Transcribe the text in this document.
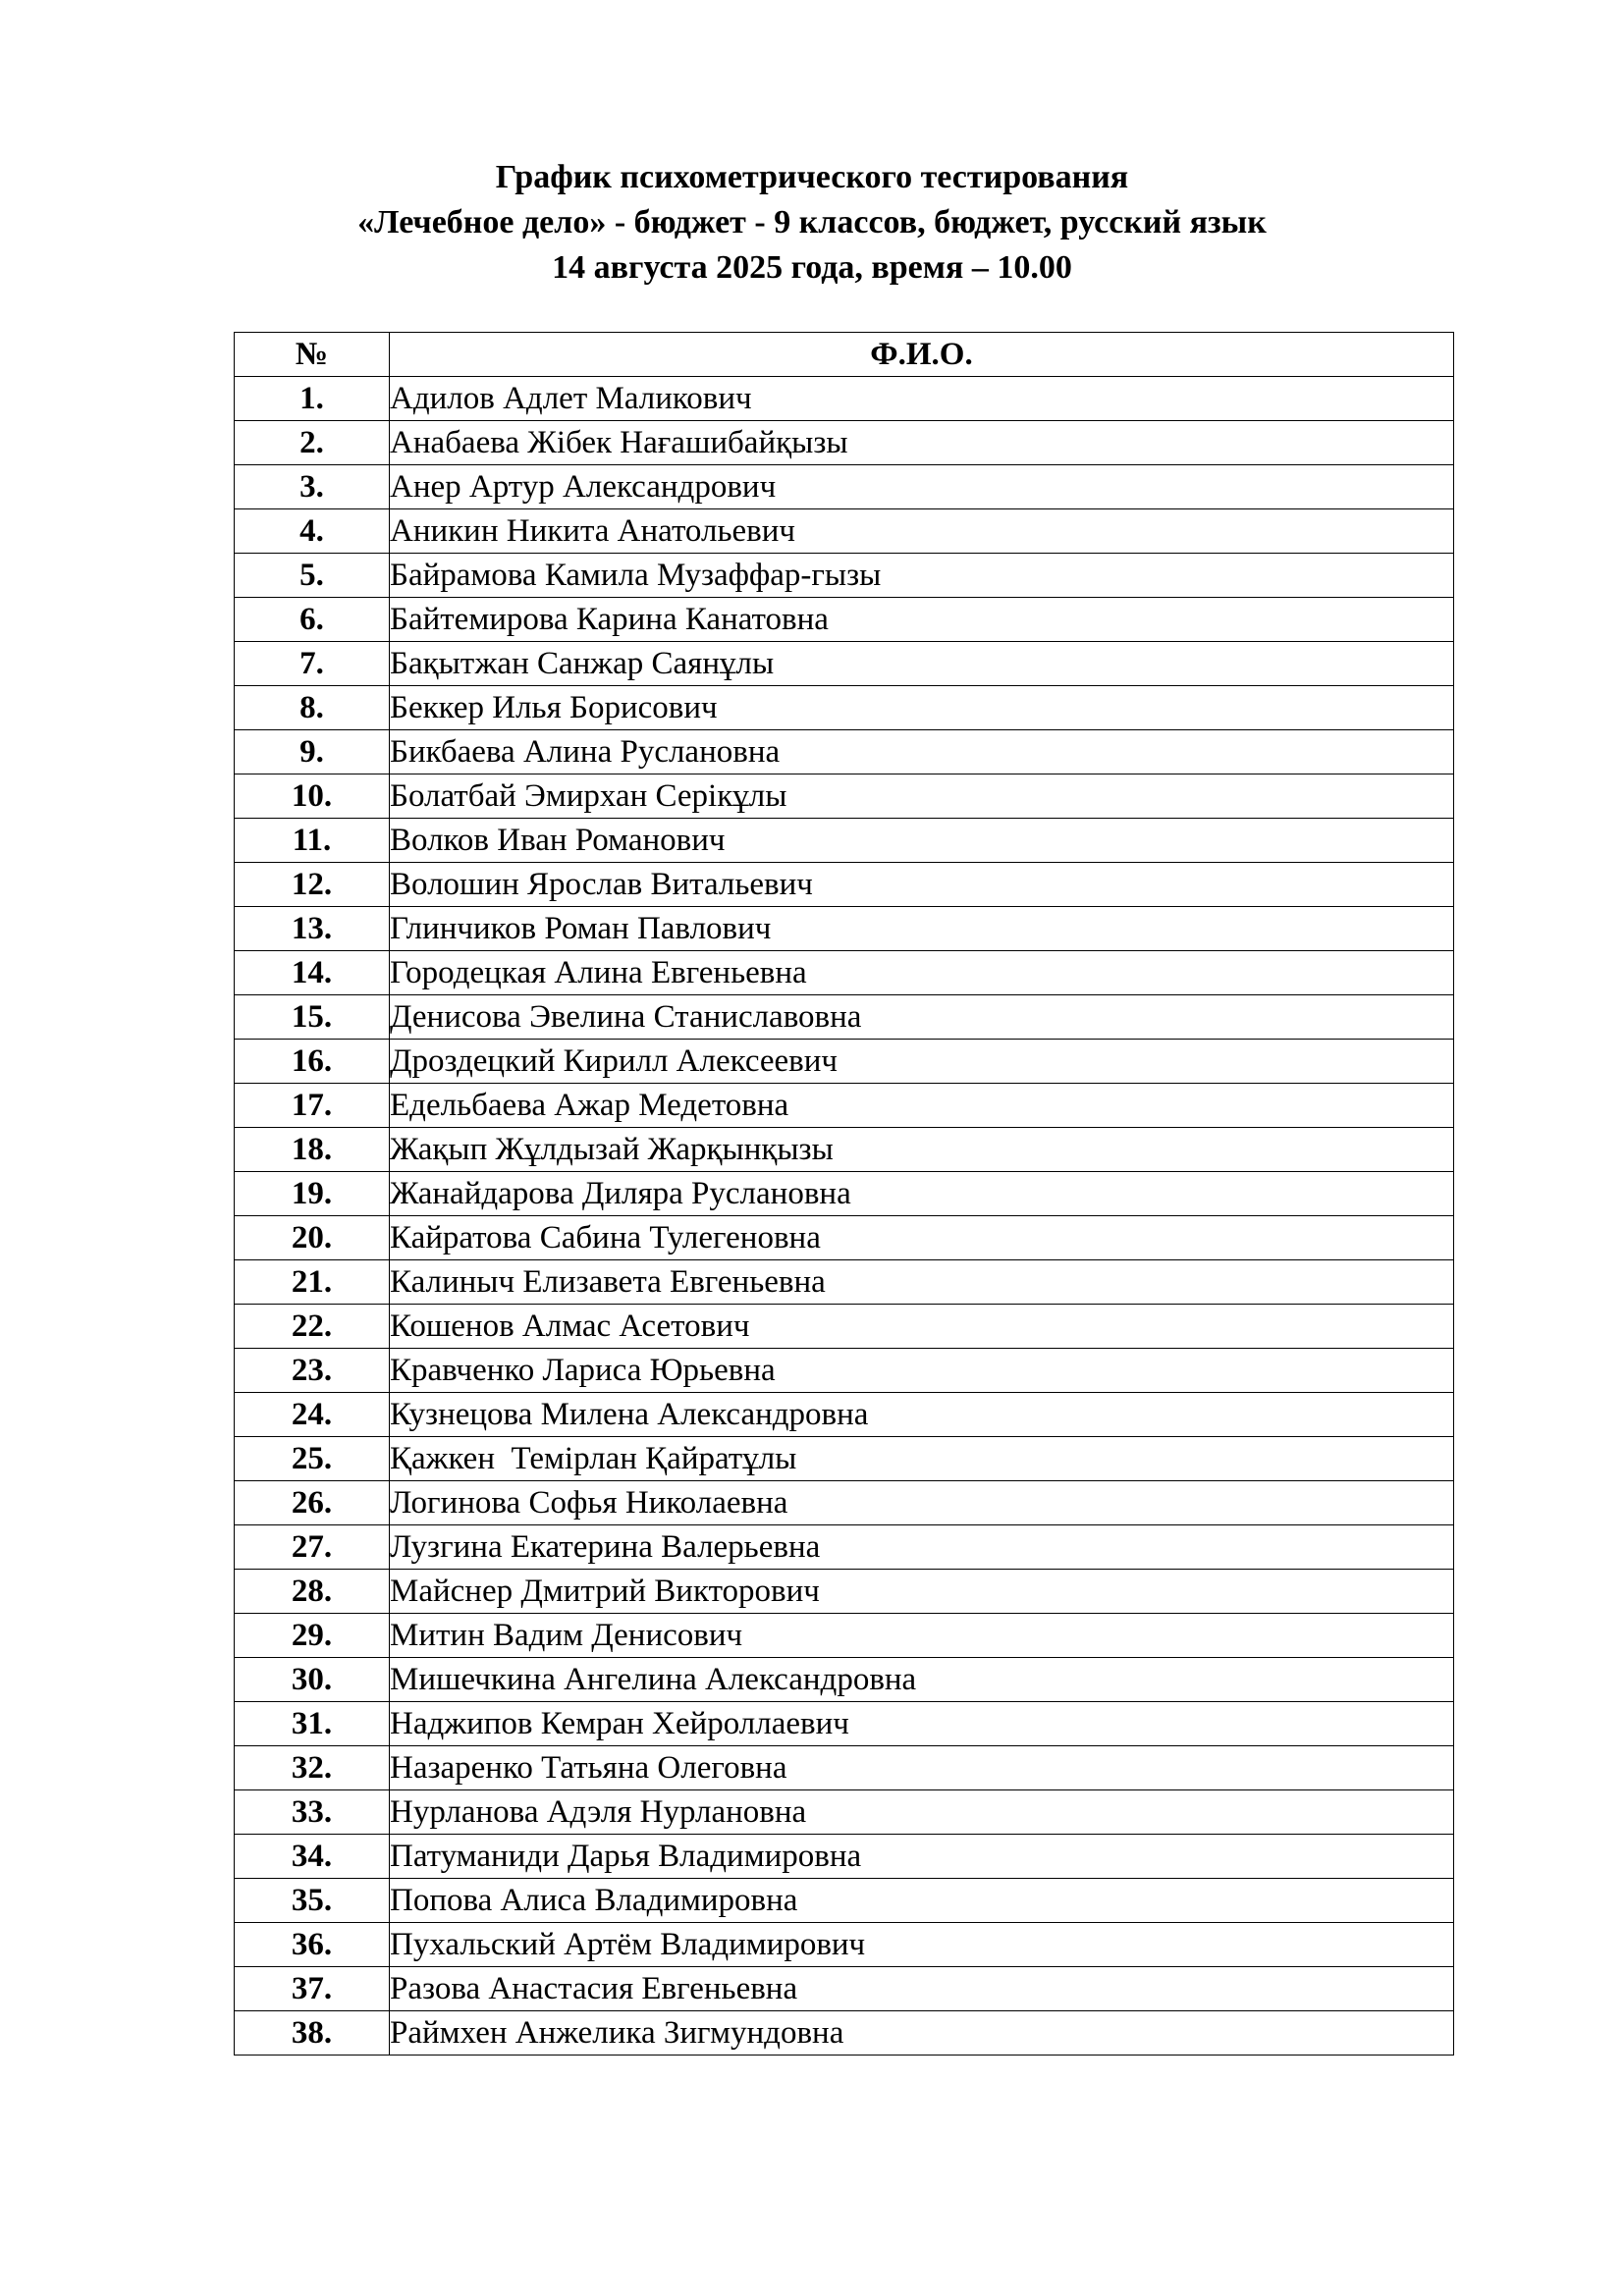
График психометрического тестирования
«Лечебное дело» - бюджет - 9 классов, бюджет, русский язык
14 августа 2025 года, время – 10.00
№	Ф.И.О.
1.	Адилов Адлет Маликович
2.	Анабаева Жібек Нағашибайқызы
3.	Анер Артур Александрович
4.	Аникин Никита Анатольевич
5.	Байрамова Камила Музаффар-гызы
6.	Байтемирова Карина Канатовна
7.	Бақытжан Санжар Саянұлы
8.	Беккер Илья Борисович
9.	Бикбаева Алина Руслановна
10.	Болатбай Эмирхан Серікұлы
11.	Волков Иван Романович
12.	Волошин Ярослав Витальевич
13.	Глинчиков Роман Павлович
14.	Городецкая Алина Евгеньевна
15.	Денисова Эвелина Станиславовна
16.	Дроздецкий Кирилл Алексеевич
17.	Едельбаева Ажар Медетовна
18.	Жақып Жұлдызай Жарқынқызы
19.	Жанайдарова Диляра Руслановна
20.	Кайратова Сабина Тулегеновна
21.	Калиныч Елизавета Евгеньевна
22.	Кошенов Алмас Асетович
23.	Кравченко Лариса Юрьевна
24.	Кузнецова Милена Александровна
25.	Қажкен  Темірлан Қайратұлы
26.	Логинова Софья Николаевна
27.	Лузгина Екатерина Валерьевна
28.	Майснер Дмитрий Викторович
29.	Митин Вадим Денисович
30.	Мишечкина Ангелина Александровна
31.	Наджипов Кемран Хейроллаевич
32.	Назаренко Татьяна Олеговна
33.	Нурланова Адэля Нурлановна
34.	Патуманиди Дарья Владимировна
35.	Попова Алиса Владимировна
36.	Пухальский Артём Владимирович
37.	Разова Анастасия Евгеньевна
38.	Раймхен Анжелика Зигмундовна
